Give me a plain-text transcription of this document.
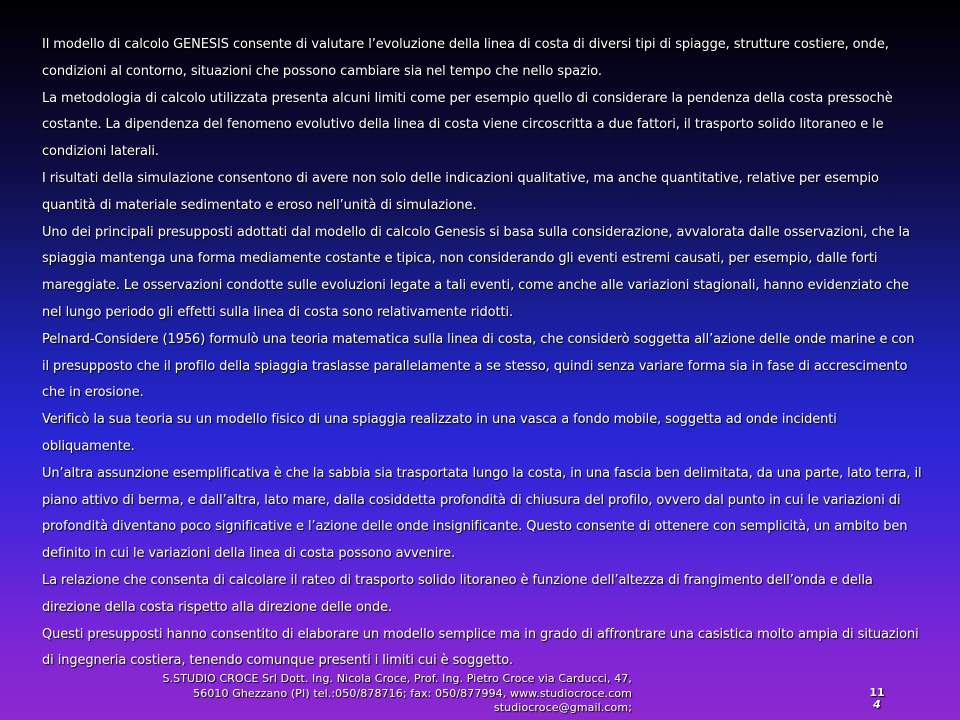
Il modello di calcolo GENESIS consente di valutare l’evoluzione della linea di costa di diversi tipi di spiagge, strutture costiere, onde, condizioni al contorno, situazioni che possono cambiare sia nel tempo che nello spazio.

La metodologia di calcolo utilizzata presenta alcuni limiti come per esempio quello di considerare la pendenza della costa pressochè costante. La dipendenza del fenomeno evolutivo della linea di costa viene circoscritta a due fattori, il trasporto solido litoraneo e le condizioni laterali.

I risultati della simulazione consentono di avere non solo delle indicazioni qualitative, ma anche quantitative, relative per esempio quantità di materiale sedimentato e eroso nell’unità di simulazione.

Uno dei principali presupposti adottati dal modello di calcolo Genesis si basa sulla considerazione, avvalorata dalle osservazioni, che la spiaggia mantenga una forma mediamente costante e tipica, non considerando gli eventi estremi causati, per esempio, dalle forti mareggiate. Le osservazioni condotte sulle evoluzioni legate a tali eventi, come anche alle variazioni stagionali, hanno evidenziato che nel lungo periodo gli effetti sulla linea di costa sono relativamente ridotti.

Pelnard-Considere (1956) formulò una teoria matematica sulla linea di costa, che considerò soggetta all’azione delle onde marine e con il presupposto che il profilo della spiaggia traslasse parallelamente a se stesso, quindi senza variare forma sia in fase di accrescimento che in erosione.

Verificò la sua teoria su un modello fisico di una spiaggia realizzato in una vasca a fondo mobile, soggetta ad onde incidenti obliquamente.

Un’altra assunzione esemplificativa è che la sabbia sia trasportata lungo la costa, in una fascia ben delimitata, da una parte, lato terra, il piano attivo di berma, e dall’altra, lato mare, dalla cosiddetta profondità di chiusura del profilo, ovvero dal punto in cui le variazioni di profondità diventano poco significative e l’azione delle onde insignificante. Questo consente di ottenere con semplicità, un ambito ben definito in cui le variazioni della linea di costa possono avvenire.

La relazione che consenta di calcolare il rateo di trasporto solido litoraneo è funzione dell’altezza di frangimento dell’onda e della direzione della costa rispetto alla direzione delle onde.

Questi presupposti hanno consentito di elaborare un modello semplice ma in grado di affrontrare una casistica molto ampia di situazioni di ingegneria costiera, tenendo comunque presenti i limiti cui è soggetto.

S.STUDIO CROCE Srl Dott. Ing. Nicola Croce, Prof. Ing. Pietro Croce via Carducci, 47,
56010 Ghezzano (PI) tel.:050/878716; fax: 050/877994, www.studiocroce.com
studiocroce@gmail.com;
11
4
